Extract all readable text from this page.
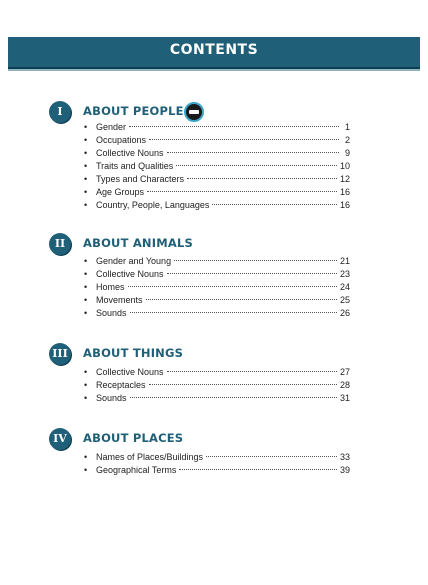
CONTENTS
I	ABOUT PEOPLE
• Gender	1
• Occupations	2
• Collective Nouns	9
• Traits and Qualities	10
• Types and Characters	12
• Age Groups	16
• Country, People, Languages	16
II	ABOUT ANIMALS
• Gender and Young	21
• Collective Nouns	23
• Homes	24
• Movements	25
• Sounds	26
III ABOUT THINGS
• Collective Nouns	27
• Receptacles	28
• Sounds	31
IV	ABOUT PLACES
• Names of Places/Buildings	33
• Geographical Terms	39
